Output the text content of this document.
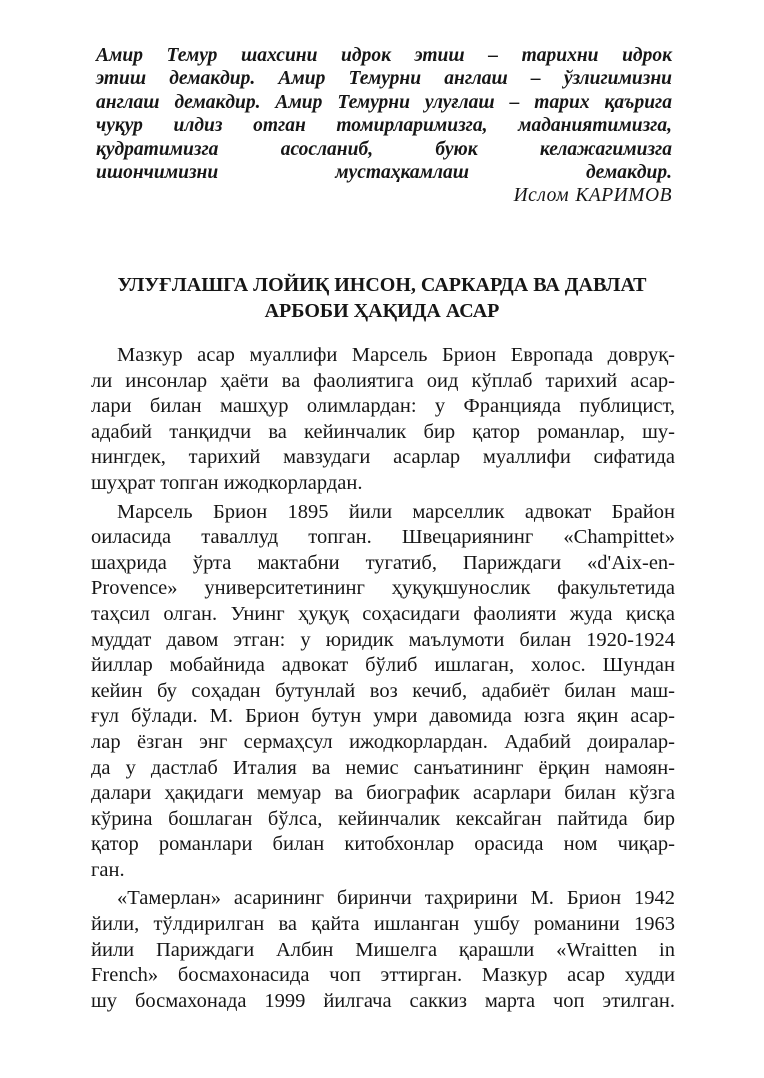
Амир Темур шахсини идрок этиш – тарихни идрок
этиш демакдир. Амир Темурни англаш – ўзлигимизни
англаш демакдир. Амир Темурни улуғлаш – тарих қаърига
чуқур илдиз отган томирларимизга, маданиятимизга,
қудратимизга асосланиб, буюк келажагимизга
ишончимизни мустаҳкамлаш демакдир.
Ислом КАРИМОВ
УЛУҒЛАШГА ЛОЙИҚ ИНСОН, САРКАРДА ВА ДАВЛАТ
АРБОБИ ҲАҚИДА АСАР
Мазкур асар муаллифи Марсель Брион Европада довруқ-
ли инсонлар ҳаёти ва фаолиятига оид кўплаб тарихий асар-
лари билан машҳур олимлардан: у Францияда публицист,
адабий танқидчи ва кейинчалик бир қатор романлар, шу-
нингдек, тарихий мавзудаги асарлар муаллифи сифатида
шуҳрат топган ижодкорлардан.
Марсель Брион 1895 йили марселлик адвокат Брайон
оиласида таваллуд топган. Швецариянинг «Champittet»
шаҳрида ўрта мактабни тугатиб, Париждаги «d'Aix-en-
Provence» университетининг ҳуқуқшунослик факультетида
таҳсил олган. Унинг ҳуқуқ соҳасидаги фаолияти жуда қисқа
муддат давом этган: у юридик маълумоти билан 1920-1924
йиллар мобайнида адвокат бўлиб ишлаган, холос. Шундан
кейин бу соҳадан бутунлай воз кечиб, адабиёт билан маш-
ғул бўлади. М. Брион бутун умри давомида юзга яқин асар-
лар ёзган энг сермаҳсул ижодкорлардан. Адабий доиралар-
да у дастлаб Италия ва немис санъатининг ёрқин намоян-
далари ҳақидаги мемуар ва биографик асарлари билан кўзга
кўрина бошлаган бўлса, кейинчалик кексайган пайтида бир
қатор романлари билан китобхонлар орасида ном чиқар-
ган.
«Тамерлан» асарининг биринчи таҳририни М. Брион 1942
йили, тўлдирилган ва қайта ишланган ушбу романини 1963
йили Париждаги Албин Мишелга қарашли «Wraitten in
French» босмахонасида чоп эттирган. Мазкур асар худди
шу босмахонада 1999 йилгача саккиз марта чоп этилган.
